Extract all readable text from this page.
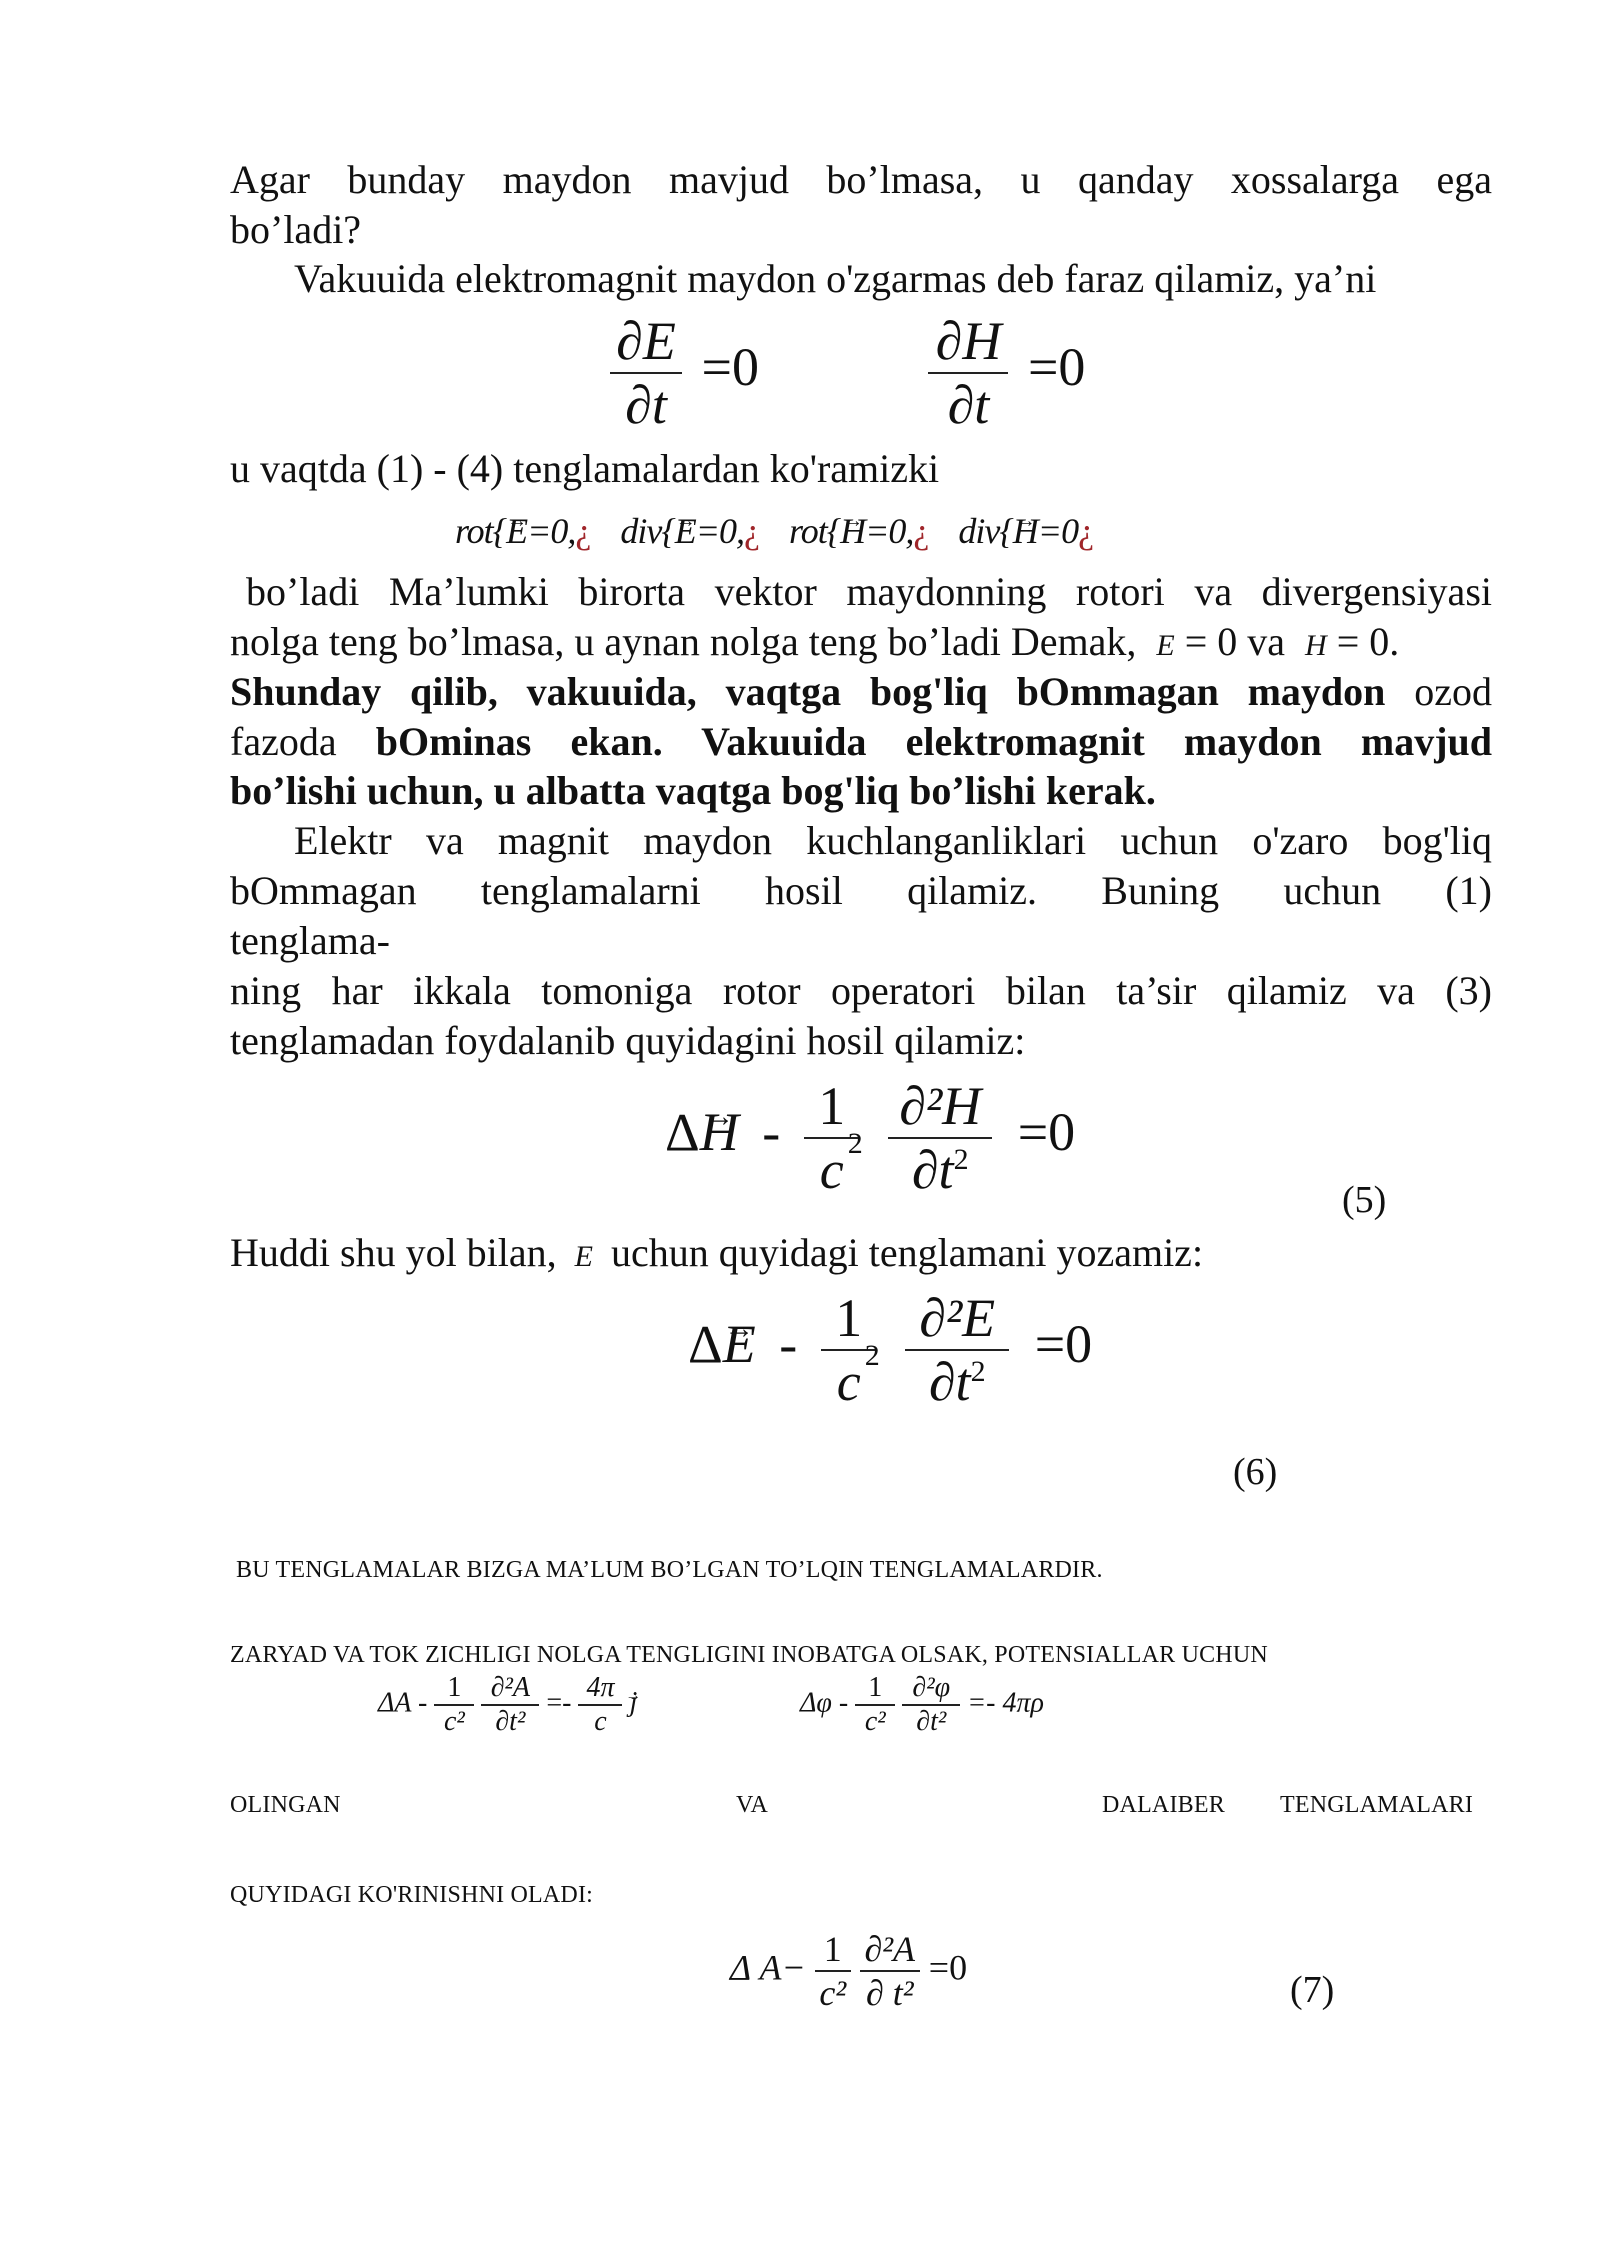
Agar bunday maydon mavjud bo’lmasa, u qanday xossalarga ega
bo’ladi?
Vakuuida elektromagnit maydon o'zgarmas deb faraz qilamiz, ya’ni
$\frac{\partial E}{\partial t} =0$	$\frac{\partial H}{\partial t} =0$
u vaqtda (1) - (4) tenglamalardan ko'ramizki
rot{→ E=0,¿ div{→ E=0,¿ rot{→ H=0,¿ div{→ H=0¿
bo’ladi Ma’lumki birorta vektor maydonning rotori va divergensiyasi
nolga teng bo’lmasa, u aynan nolga teng bo’ladi Demak, E = 0 va H = 0.
Shunday qilib, vakuuida, vaqtga bog'liq bOmmagan maydon ozod
fazoda bOminas ekan. Vakuuida elektromagnit maydon mavjud
bo’lishi uchun, u albatta vaqtga bog'liq bo’lishi kerak.
Elektr va magnit maydon kuchlanganliklari uchun o'zaro bog'liq
bOmmagan tenglamalarni hosil qilamiz. Buning uchun (1)
tenglama-
ning har ikkala tomoniga rotor operatori bilan ta’sir qilamiz va (3)
tenglamadan foydalanib quyidagini hosil qilamiz:
$\Delta\to H - \frac{1}{c}$
$^2 \frac{\text{∂²H}}{\partial t^2} =0$
(5)
Huddi shu yol bilan, E uchun quyidagi tenglamani yozamiz:
$\Delta\to E - \frac{1}{c}$
$^2 \frac{\text{∂²E}}{\partial t^2} =0$
(6)
BU TENGLAMALAR BIZGA MA’LUM BO’LGAN TO’LQIN TENGLAMALARDIR.
ZARYAD VA TOK ZICHLIGI NOLGA TENGLIGINI INOBATGA OLSAK, POTENSIALLAR UCHUN
ΔA - $\frac{1}{\text{c²}}$
$\frac{\text{∂²A}}{\text{∂t²}} =- \frac{4\pi}{c}$
→ j	Δφ - $\frac{1}{\text{c²}}$
$\frac{\text{∂²φ}}{\text{∂t²}} =- 4\pi\rho$
OLINGAN	VA	DALAIBER TENGLAMALARI
QUYIDAGI KO'RINISHNI OLADI:
Δ $A- \frac{1}{\text{c²}}$
$\frac{\text{∂²A}}{\text{∂ t²}} =0$
(7)
